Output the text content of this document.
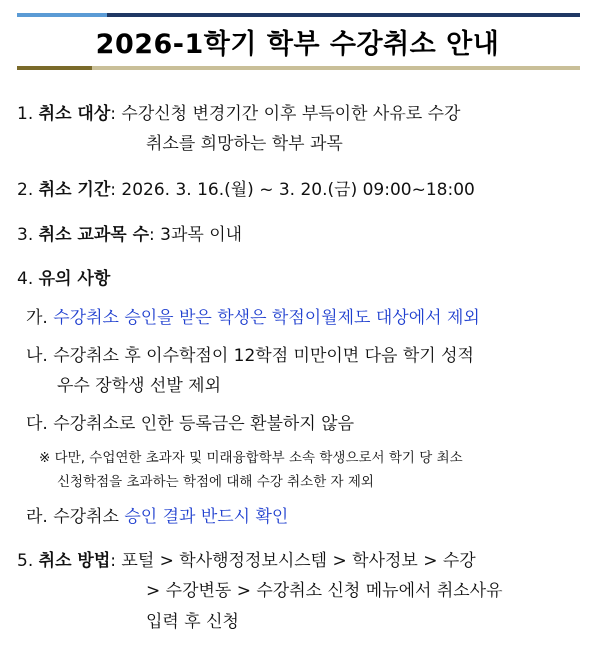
2026-1학기 학부 수강취소 안내
1. 취소 대상: 수강신청 변경기간 이후 부득이한 사유로 수강
취소를 희망하는 학부 과목
2. 취소 기간: 2026. 3. 16.(월) ~ 3. 20.(금) 09:00~18:00
3. 취소 교과목 수: 3과목 이내
4. 유의 사항
가. 수강취소 승인을 받은 학생은 학점이월제도 대상에서 제외
나. 수강취소 후 이수학점이 12학점 미만이면 다음 학기 성적
우수 장학생 선발 제외
다. 수강취소로 인한 등록금은 환불하지 않음
※ 다만, 수업연한 초과자 및 미래융합학부 소속 학생으로서 학기 당 최소
신청학점을 초과하는 학점에 대해 수강 취소한 자 제외
라. 수강취소 승인 결과 반드시 확인
5. 취소 방법: 포털 > 학사행정정보시스템 > 학사정보 > 수강
> 수강변동 > 수강취소 신청 메뉴에서 취소사유
입력 후 신청
